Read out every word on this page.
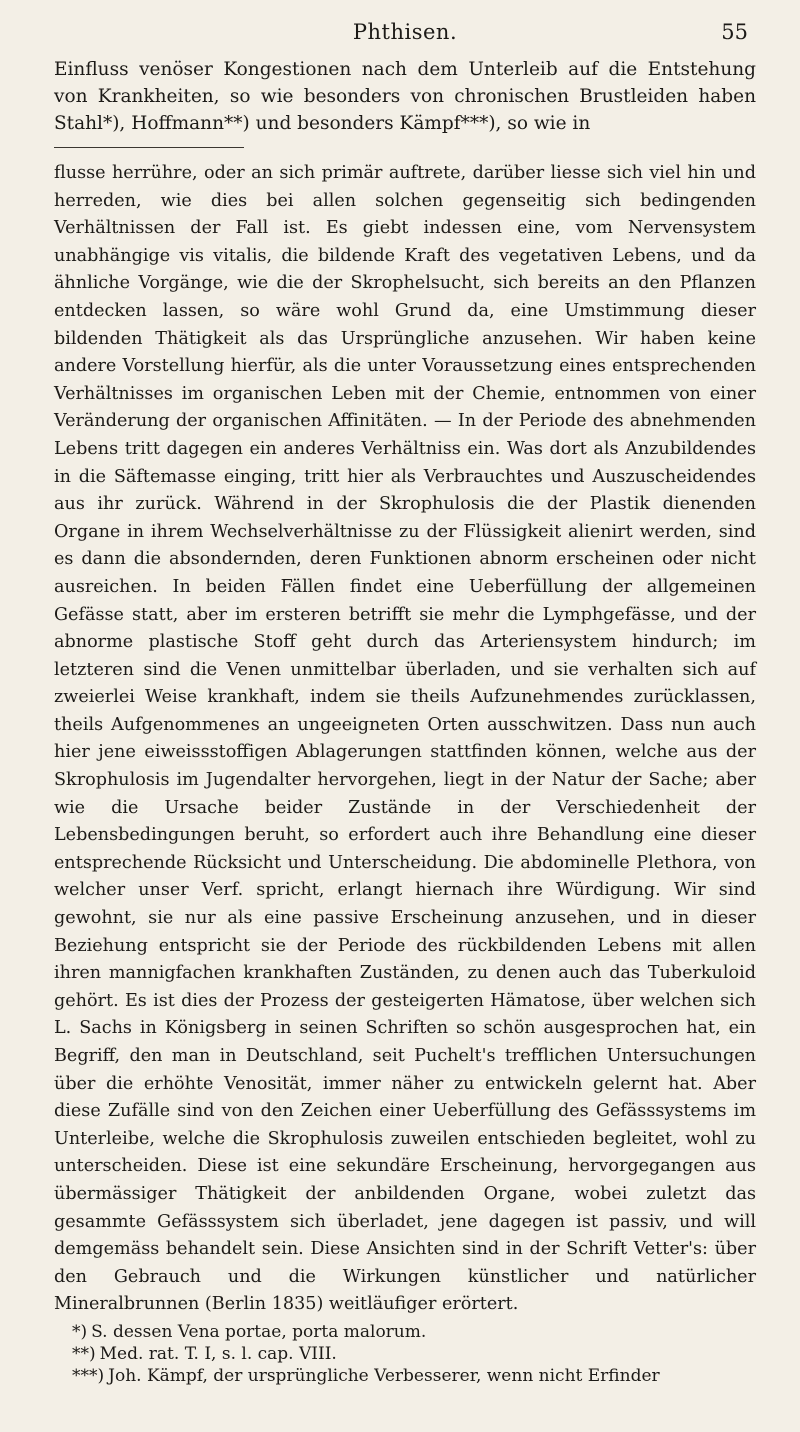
Phthisen.	55

Einfluss venöser Kongestionen nach dem Unterleib auf die Entstehung von Krankheiten, so wie besonders von chronischen Brustleiden haben Stahl*), Hoffmann**) und besonders Kämpf***), so wie in

flusse herrühre, oder an sich primär auftrete, darüber liesse sich viel hin und herreden, wie dies bei allen solchen gegenseitig sich bedingenden Verhältnissen der Fall ist. Es giebt indessen eine, vom Nervensystem unabhängige vis vitalis, die bildende Kraft des vegetativen Lebens, und da ähnliche Vorgänge, wie die der Skrophelsucht, sich bereits an den Pflanzen entdecken lassen, so wäre wohl Grund da, eine Umstimmung dieser bildenden Thätigkeit als das Ursprüngliche anzusehen. Wir haben keine andere Vorstellung hierfür, als die unter Voraussetzung eines entsprechenden Verhältnisses im organischen Leben mit der Chemie, entnommen von einer Veränderung der organischen Affinitäten. — In der Periode des abnehmenden Lebens tritt dagegen ein anderes Verhältniss ein. Was dort als Anzubildendes in die Säftemasse einging, tritt hier als Verbrauchtes und Auszuscheidendes aus ihr zurück. Während in der Skrophulosis die der Plastik dienenden Organe in ihrem Wechselverhältnisse zu der Flüssigkeit alienirt werden, sind es dann die absondernden, deren Funktionen abnorm erscheinen oder nicht ausreichen. In beiden Fällen findet eine Ueberfüllung der allgemeinen Gefässe statt, aber im ersteren betrifft sie mehr die Lymphgefässe, und der abnorme plastische Stoff geht durch das Arteriensystem hindurch; im letzteren sind die Venen unmittelbar überladen, und sie verhalten sich auf zweierlei Weise krankhaft, indem sie theils Aufzunehmendes zurücklassen, theils Aufgenommenes an ungeeigneten Orten ausschwitzen. Dass nun auch hier jene eiweissstoffigen Ablagerungen stattfinden können, welche aus der Skrophulosis im Jugendalter hervorgehen, liegt in der Natur der Sache; aber wie die Ursache beider Zustände in der Verschiedenheit der Lebensbedingungen beruht, so erfordert auch ihre Behandlung eine dieser entsprechende Rücksicht und Unterscheidung. Die abdominelle Plethora, von welcher unser Verf. spricht, erlangt hiernach ihre Würdigung. Wir sind gewohnt, sie nur als eine passive Erscheinung anzusehen, und in dieser Beziehung entspricht sie der Periode des rückbildenden Lebens mit allen ihren mannigfachen krankhaften Zuständen, zu denen auch das Tuberkuloid gehört. Es ist dies der Prozess der gesteigerten Hämatose, über welchen sich L. Sachs in Königsberg in seinen Schriften so schön ausgesprochen hat, ein Begriff, den man in Deutschland, seit Puchelt's trefflichen Untersuchungen über die erhöhte Venosität, immer näher zu entwickeln gelernt hat. Aber diese Zufälle sind von den Zeichen einer Ueberfüllung des Gefässsystems im Unterleibe, welche die Skrophulosis zuweilen entschieden begleitet, wohl zu unterscheiden. Diese ist eine sekundäre Erscheinung, hervorgegangen aus übermässiger Thätigkeit der anbildenden Organe, wobei zuletzt das gesammte Gefässsystem sich überladet, jene dagegen ist passiv, und will demgemäss behandelt sein. Diese Ansichten sind in der Schrift Vetter's: über den Gebrauch und die Wirkungen künstlicher und natürlicher Mineralbrunnen (Berlin 1835) weitläufiger erörtert.

*) S. dessen Vena portae, porta malorum.

**) Med. rat. T. I, s. l. cap. VIII.

***) Joh. Kämpf, der ursprüngliche Verbesserer, wenn nicht Erfinder
